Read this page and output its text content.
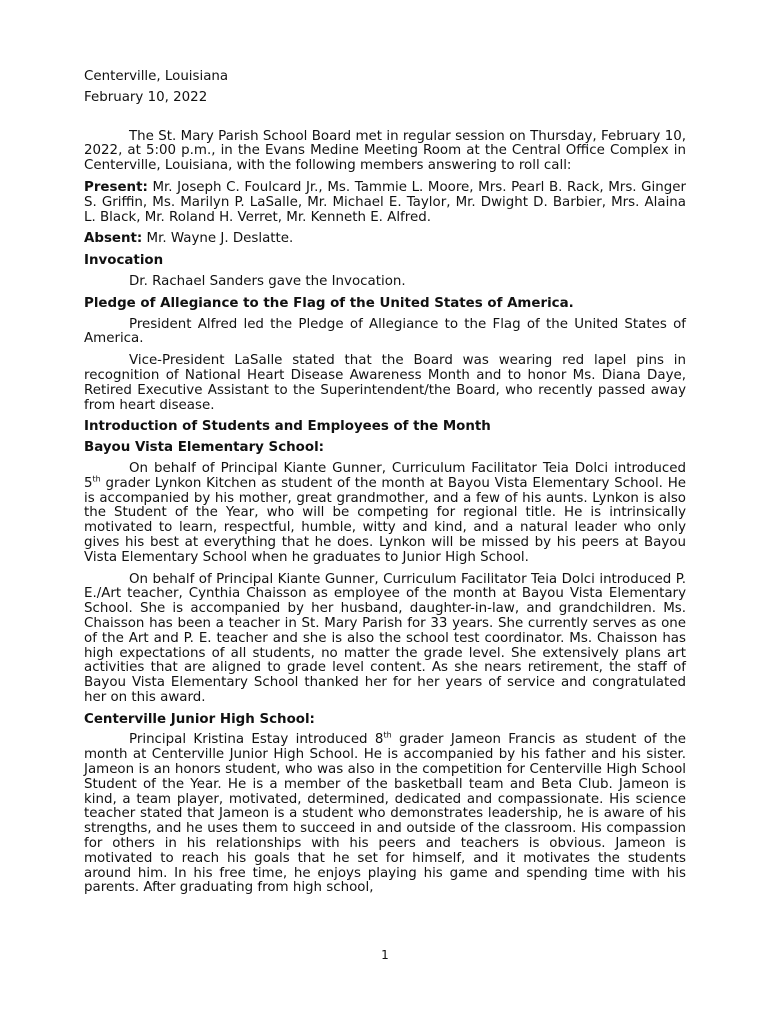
Centerville, Louisiana
February 10, 2022

The St. Mary Parish School Board met in regular session on Thursday, February 10, 2022, at 5:00 p.m., in the Evans Medine Meeting Room at the Central Office Complex in Centerville, Louisiana, with the following members answering to roll call:

Present: Mr. Joseph C. Foulcard Jr., Ms. Tammie L. Moore, Mrs. Pearl B. Rack, Mrs. Ginger S. Griffin, Ms. Marilyn P. LaSalle, Mr. Michael E. Taylor, Mr. Dwight D. Barbier, Mrs. Alaina L. Black, Mr. Roland H. Verret, Mr. Kenneth E. Alfred.

Absent: Mr. Wayne J. Deslatte.

Invocation

Dr. Rachael Sanders gave the Invocation.

Pledge of Allegiance to the Flag of the United States of America.

President Alfred led the Pledge of Allegiance to the Flag of the United States of America.

Vice-President LaSalle stated that the Board was wearing red lapel pins in recognition of National Heart Disease Awareness Month and to honor Ms. Diana Daye, Retired Executive Assistant to the Superintendent/the Board, who recently passed away from heart disease.

Introduction of Students and Employees of the Month
Bayou Vista Elementary School:

On behalf of Principal Kiante Gunner, Curriculum Facilitator Teia Dolci introduced 5th grader Lynkon Kitchen as student of the month at Bayou Vista Elementary School. He is accompanied by his mother, great grandmother, and a few of his aunts. Lynkon is also the Student of the Year, who will be competing for regional title. He is intrinsically motivated to learn, respectful, humble, witty and kind, and a natural leader who only gives his best at everything that he does. Lynkon will be missed by his peers at Bayou Vista Elementary School when he graduates to Junior High School.

On behalf of Principal Kiante Gunner, Curriculum Facilitator Teia Dolci introduced P. E./Art teacher, Cynthia Chaisson as employee of the month at Bayou Vista Elementary School. She is accompanied by her husband, daughter-in-law, and grandchildren. Ms. Chaisson has been a teacher in St. Mary Parish for 33 years. She currently serves as one of the Art and P. E. teacher and she is also the school test coordinator. Ms. Chaisson has high expectations of all students, no matter the grade level. She extensively plans art activities that are aligned to grade level content. As she nears retirement, the staff of Bayou Vista Elementary School thanked her for her years of service and congratulated her on this award.

Centerville Junior High School:

Principal Kristina Estay introduced 8th grader Jameon Francis as student of the month at Centerville Junior High School. He is accompanied by his father and his sister. Jameon is an honors student, who was also in the competition for Centerville High School Student of the Year. He is a member of the basketball team and Beta Club. Jameon is kind, a team player, motivated, determined, dedicated and compassionate. His science teacher stated that Jameon is a student who demonstrates leadership, he is aware of his strengths, and he uses them to succeed in and outside of the classroom. His compassion for others in his relationships with his peers and teachers is obvious. Jameon is motivated to reach his goals that he set for himself, and it motivates the students around him. In his free time, he enjoys playing his game and spending time with his parents. After graduating from high school,

1
